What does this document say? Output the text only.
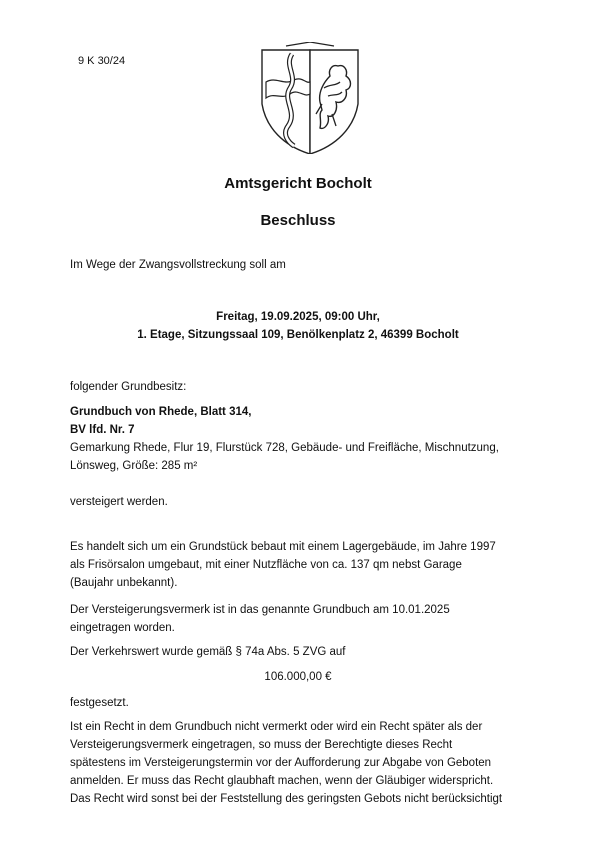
9 K 30/24
Amtsgericht Bocholt
Beschluss
Im Wege der Zwangsvollstreckung soll am
Freitag, 19.09.2025, 09:00 Uhr,
1. Etage, Sitzungssaal 109, Benölkenplatz 2, 46399 Bocholt
folgender Grundbesitz:
Grundbuch von Rhede, Blatt 314,
BV lfd. Nr. 7
Gemarkung Rhede, Flur 19, Flurstück 728, Gebäude- und Freifläche, Mischnutzung,
Lönsweg, Größe: 285 m²
versteigert werden.
Es handelt sich um ein Grundstück bebaut mit einem Lagergebäude, im Jahre 1997
als Frisörsalon umgebaut, mit einer Nutzfläche von ca. 137 qm nebst Garage
(Baujahr unbekannt).
Der Versteigerungsvermerk ist in das genannte Grundbuch am 10.01.2025
eingetragen worden.
Der Verkehrswert wurde gemäß § 74a Abs. 5 ZVG auf
106.000,00 €
festgesetzt.
Ist ein Recht in dem Grundbuch nicht vermerkt oder wird ein Recht später als der
Versteigerungsvermerk eingetragen, so muss der Berechtigte dieses Recht
spätestens im Versteigerungstermin vor der Aufforderung zur Abgabe von Geboten
anmelden. Er muss das Recht glaubhaft machen, wenn der Gläubiger widerspricht.
Das Recht wird sonst bei der Feststellung des geringsten Gebots nicht berücksichtigt
